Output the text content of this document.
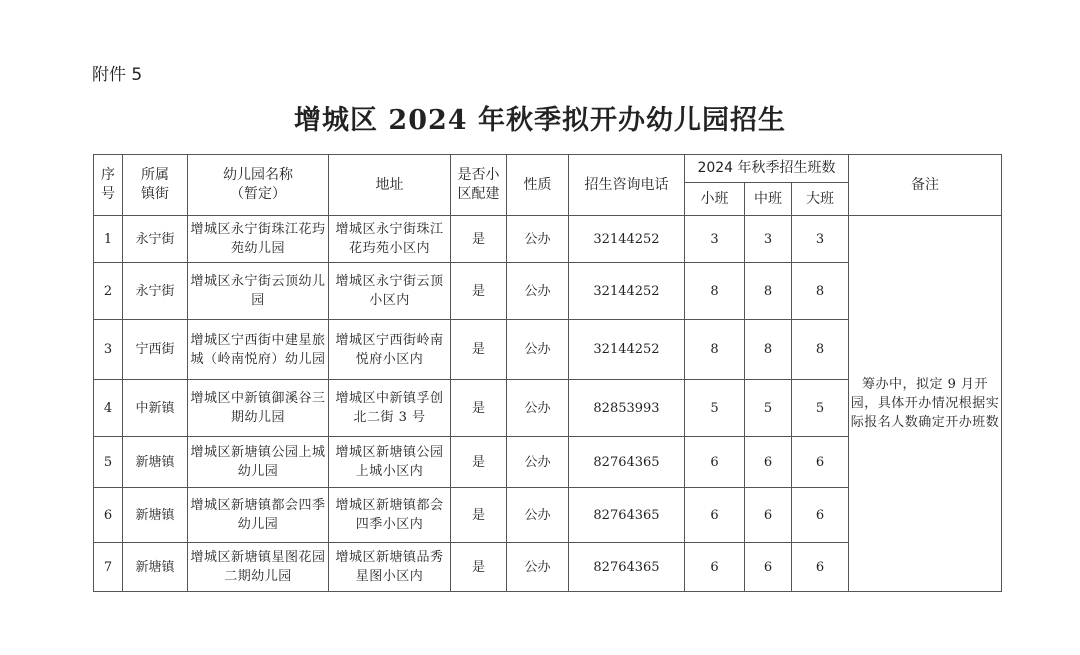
附件 5
增城区 2024 年秋季拟开办幼儿园招生
序号	所属镇街	幼儿园名称（暂定）	地址	是否小区配建	性质	招生咨询电话	2024 年秋季招生班数			备注
							小班	中班	大班	
1	永宁街	增城区永宁街珠江花玙苑幼儿园	增城区永宁街珠江花玙苑小区内	是	公办	32144252	3	3	3	筹办中，拟定 9 月开园，具体开办情况根据实际报名人数确定开办班数
2	永宁街	增城区永宁街云顶幼儿园	增城区永宁街云顶小区内	是	公办	32144252	8	8	8	
3	宁西街	增城区宁西街中建星旅城（岭南悦府）幼儿园	增城区宁西街岭南悦府小区内	是	公办	32144252	8	8	8	
4	中新镇	增城区中新镇御溪谷三期幼儿园	增城区中新镇孚创北二街 3 号	是	公办	82853993	5	5	5	
5	新塘镇	增城区新塘镇公园上城幼儿园	增城区新塘镇公园上城小区内	是	公办	82764365	6	6	6	
6	新塘镇	增城区新塘镇都会四季幼儿园	增城区新塘镇都会四季小区内	是	公办	82764365	6	6	6	
7	新塘镇	增城区新塘镇星图花园二期幼儿园	增城区新塘镇品秀星图小区内	是	公办	82764365	6	6	6	
